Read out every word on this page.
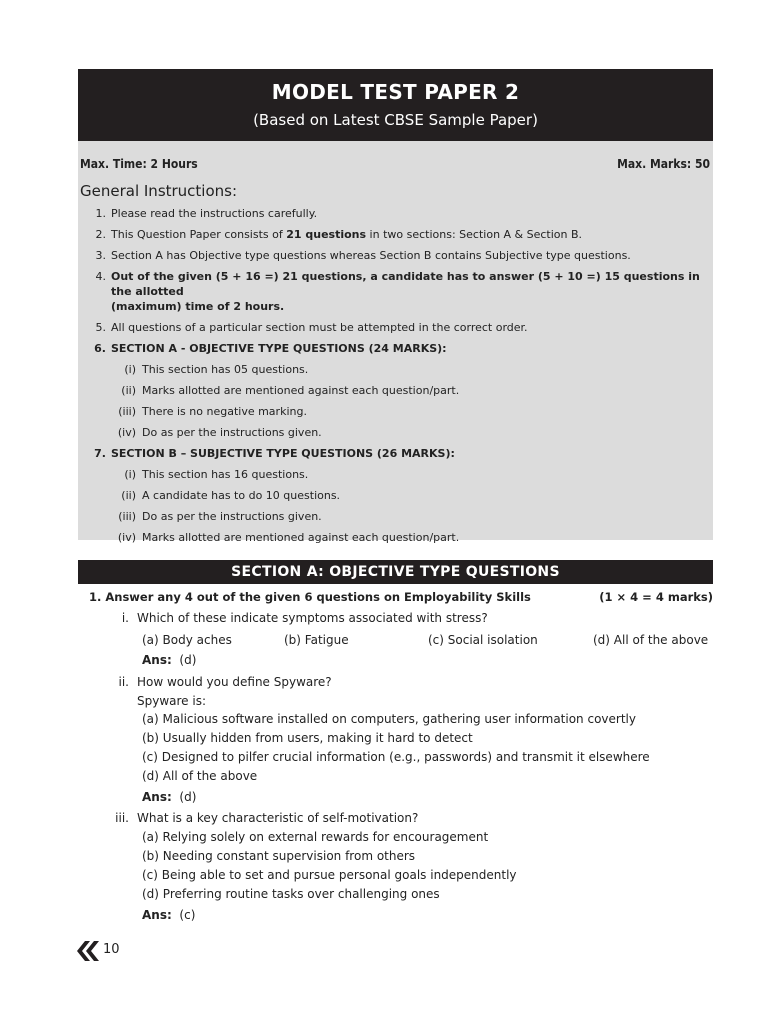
MODEL TEST PAPER 2
(Based on Latest CBSE Sample Paper)
Max. Time: 2 Hours	Max. Marks: 50
General Instructions:
1. Please read the instructions carefully.
2. This Question Paper consists of 21 questions in two sections: Section A & Section B.
3. Section A has Objective type questions whereas Section B contains Subjective type questions.
4. Out of the given (5 + 16 =) 21 questions, a candidate has to answer (5 + 10 =) 15 questions in the allotted
(maximum) time of 2 hours.
5. All questions of a particular section must be attempted in the correct order.
6. SECTION A - OBJECTIVE TYPE QUESTIONS (24 MARKS):
(i) This section has 05 questions.
(ii) Marks allotted are mentioned against each question/part.
(iii) There is no negative marking.
(iv) Do as per the instructions given.
7. SECTION B – SUBJECTIVE TYPE QUESTIONS (26 MARKS):
(i) This section has 16 questions.
(ii) A candidate has to do 10 questions.
(iii) Do as per the instructions given.
(iv) Marks allotted are mentioned against each question/part.
SECTION A: OBJECTIVE TYPE QUESTIONS
1. Answer any 4 out of the given 6 questions on Employability Skills	(1 × 4 = 4 marks)
i. Which of these indicate symptoms associated with stress?
(a) Body aches	(b) Fatigue	(c) Social isolation	(d) All of the above
Ans: (d)
ii. How would you define Spyware?
Spyware is:
(a) Malicious software installed on computers, gathering user information covertly
(b) Usually hidden from users, making it hard to detect
(c) Designed to pilfer crucial information (e.g., passwords) and transmit it elsewhere
(d) All of the above
Ans: (d)
iii. What is a key characteristic of self-motivation?
(a) Relying solely on external rewards for encouragement
(b) Needing constant supervision from others
(c) Being able to set and pursue personal goals independently
(d) Preferring routine tasks over challenging ones
Ans: (c)
10
